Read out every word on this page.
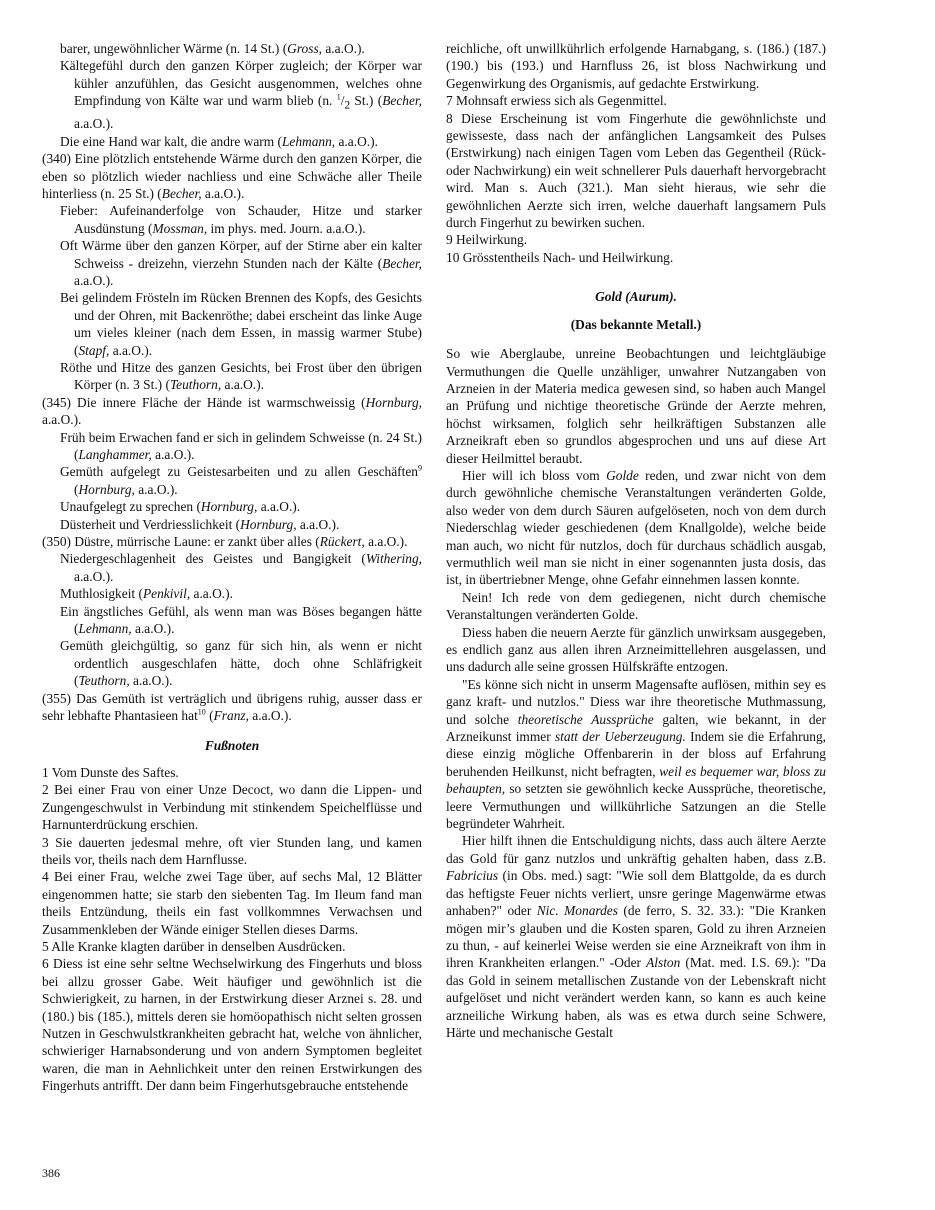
barer, ungewöhnlicher Wärme (n. 14 St.) (Gross, a.a.O.).

Kältegefühl durch den ganzen Körper zugleich; der Körper war kühler anzufühlen, das Gesicht ausgenommen, welches ohne Empfindung von Kälte war und warm blieb (n. $^1/_2$ St.) (Becher, a.a.O.).

Die eine Hand war kalt, die andre warm (Lehmann, a.a.O.).

(340) Eine plötzlich entstehende Wärme durch den ganzen Körper, die eben so plötzlich wieder nachliess und eine Schwäche aller Theile hinterliess (n. 25 St.) (Becher, a.a.O.).

Fieber: Aufeinanderfolge von Schauder, Hitze und starker Ausdünstung (Mossman, im phys. med. Journ. a.a.O.).

Oft Wärme über den ganzen Körper, auf der Stirne aber ein kalter Schweiss - dreizehn, vierzehn Stunden nach der Kälte (Becher, a.a.O.).

Bei gelindem Frösteln im Rücken Brennen des Kopfs, des Gesichts und der Ohren, mit Backenröthe; dabei erscheint das linke Auge um vieles kleiner (nach dem Essen, in massig warmer Stube) (Stapf, a.a.O.).

Röthe und Hitze des ganzen Gesichts, bei Frost über den übrigen Körper (n. 3 St.) (Teuthorn, a.a.O.).

(345) Die innere Fläche der Hände ist warmschweissig (Hornburg, a.a.O.).

Früh beim Erwachen fand er sich in gelindem Schweisse (n. 24 St.) (Langhammer, a.a.O.).

Gemüth aufgelegt zu Geistesarbeiten und zu allen Geschäften$^9$ (Hornburg, a.a.O.).

Unaufgelegt zu sprechen (Hornburg, a.a.O.).

Düsterheit und Verdriesslichkeit (Hornburg, a.a.O.).

(350) Düstre, mürrische Laune: er zankt über alles (Rückert, a.a.O.).

Niedergeschlagenheit des Geistes und Bangigkeit (Withering, a.a.O.).

Muthlosigkeit (Penkivil, a.a.O.).

Ein ängstliches Gefühl, als wenn man was Böses begangen hätte (Lehmann, a.a.O.).

Gemüth gleichgültig, so ganz für sich hin, als wenn er nicht ordentlich ausgeschlafen hätte, doch ohne Schläfrigkeit (Teuthorn, a.a.O.).

(355) Das Gemüth ist verträglich und übrigens ruhig, ausser dass er sehr lebhafte Phantasieen hat$^{10}$ (Franz, a.a.O.).

Fußnoten

1 Vom Dunste des Saftes.

2 Bei einer Frau von einer Unze Decoct, wo dann die Lippen- und Zungengeschwulst in Verbindung mit stinkendem Speichelflüsse und Harnunterdrückung erschien.

3 Sie dauerten jedesmal mehre, oft vier Stunden lang, und kamen theils vor, theils nach dem Harnflusse.

4 Bei einer Frau, welche zwei Tage über, auf sechs Mal, 12 Blätter eingenommen hatte; sie starb den siebenten Tag. Im Ileum fand man theils Entzündung, theils ein fast vollkommnes Verwachsen und Zusammenkleben der Wände einiger Stellen dieses Darms.

5 Alle Kranke klagten darüber in denselben Ausdrücken.

6 Diess ist eine sehr seltne Wechselwirkung des Fingerhuts und bloss bei allzu grosser Gabe. Weit häufiger und gewöhnlich ist die Schwierigkeit, zu harnen, in der Erstwirkung dieser Arznei s. 28. und (180.) bis (185.), mittels deren sie homöopathisch nicht selten grossen Nutzen in Geschwulstkrankheiten gebracht hat, welche von ähnlicher, schwieriger Harnabsonderung und von andern Symptomen begleitet waren, die man in Aehnlichkeit unter den reinen Erstwirkungen des Fingerhuts antrifft. Der dann beim Fingerhutsgebrauche entstehende

reichliche, oft unwillkührlich erfolgende Harnabgang, s. (186.) (187.) (190.) bis (193.) und Harnfluss 26, ist bloss Nachwirkung und Gegenwirkung des Organismis, auf gedachte Erstwirkung.

7 Mohnsaft erwiess sich als Gegenmittel.

8 Diese Erscheinung ist vom Fingerhute die gewöhnlichste und gewisseste, dass nach der anfänglichen Langsamkeit des Pulses (Erstwirkung) nach einigen Tagen vom Leben das Gegentheil (Rück- oder Nachwirkung) ein weit schnellerer Puls dauerhaft hervorgebracht wird. Man s. Auch (321.). Man sieht hieraus, wie sehr die gewöhnlichen Aerzte sich irren, welche dauerhaft langsamern Puls durch Fingerhut zu bewirken suchen.

9 Heilwirkung.

10 Grösstentheils Nach- und Heilwirkung.

Gold (Aurum).
(Das bekannte Metall.)

So wie Aberglaube, unreine Beobachtungen und leichtgläubige Vermuthungen die Quelle unzähliger, unwahrer Nutzangaben von Arzneien in der Materia medica gewesen sind, so haben auch Mangel an Prüfung und nichtige theoretische Gründe der Aerzte mehren, höchst wirksamen, folglich sehr heilkräftigen Substanzen alle Arzneikraft eben so grundlos abgesprochen und uns auf diese Art dieser Heilmittel beraubt.

Hier will ich bloss vom Golde reden, und zwar nicht von dem durch gewöhnliche chemische Veranstaltungen veränderten Golde, also weder von dem durch Säuren aufgelöseten, noch von dem durch Niederschlag wieder geschiedenen (dem Knallgolde), welche beide man auch, wo nicht für nutzlos, doch für durchaus schädlich ausgab, vermuthlich weil man sie nicht in einer sogenannten justa dosis, das ist, in übertriebner Menge, ohne Gefahr einnehmen lassen konnte.

Nein! Ich rede von dem gediegenen, nicht durch chemische Veranstaltungen veränderten Golde.

Diess haben die neuern Aerzte für gänzlich unwirksam ausgegeben, es endlich ganz aus allen ihren Arzneimittellehren ausgelassen, und uns dadurch alle seine grossen Hülfskräfte entzogen.

"Es könne sich nicht in unserm Magensafte auflösen, mithin sey es ganz kraft- und nutzlos." Diess war ihre theoretische Muthmassung, und solche theoretische Aussprüche galten, wie bekannt, in der Arzneikunst immer statt der Ueberzeugung. Indem sie die Erfahrung, diese einzig mögliche Offenbarerin in der bloss auf Erfahrung beruhenden Heilkunst, nicht befragten, weil es bequemer war, bloss zu behaupten, so setzten sie gewöhnlich kecke Aussprüche, theoretische, leere Vermuthungen und willkührliche Satzungen an die Stelle begründeter Wahrheit.

Hier hilft ihnen die Entschuldigung nichts, dass auch ältere Aerzte das Gold für ganz nutzlos und unkräftig gehalten haben, dass z.B. Fabricius (in Obs. med.) sagt: "Wie soll dem Blattgolde, da es durch das heftigste Feuer nichts verliert, unsre geringe Magenwärme etwas anhaben?" oder Nic. Monardes (de ferro, S. 32. 33.): "Die Kranken mögen mir’s glauben und die Kosten sparen, Gold zu ihren Arzneien zu thun, - auf keinerlei Weise werden sie eine Arzneikraft von ihm in ihren Krankheiten erlangen." -Oder Alston (Mat. med. I.S. 69.): "Da das Gold in seinem metallischen Zustande von der Lebenskraft nicht aufgelöset und nicht verändert werden kann, so kann es auch keine arzneiliche Wirkung haben, als was es etwa durch seine Schwere, Härte und mechanische Gestalt

386
